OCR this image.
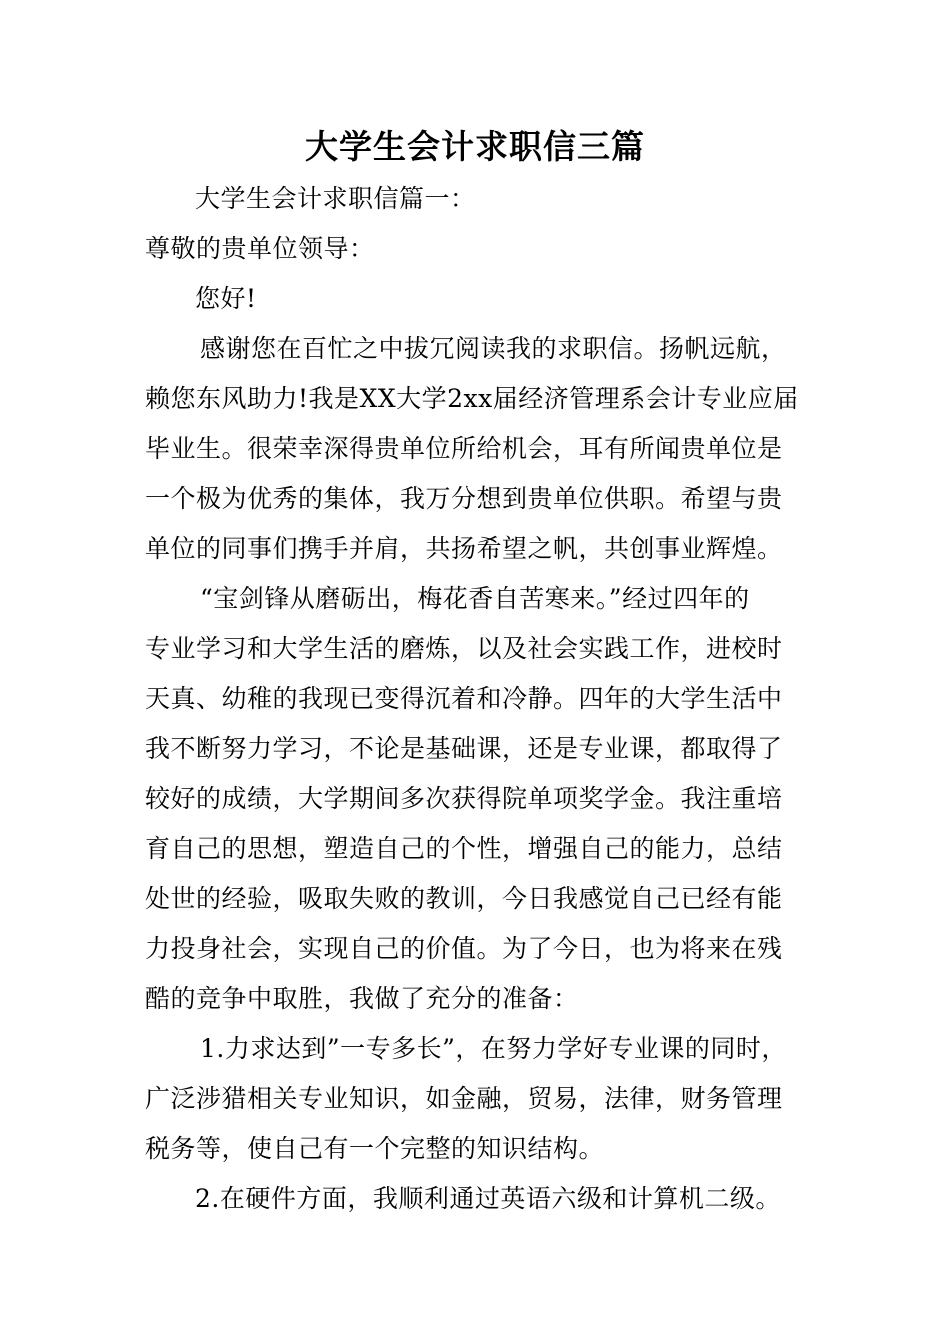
大学生会计求职信三篇
大学生会计求职信篇一：
尊敬的贵单位领导：
您好!
感谢您在百忙之中拔冗阅读我的求职信。扬帆远航，
赖您东风助力!我是XX大学2xx届经济管理系会计专业应届
毕业生。很荣幸深得贵单位所给机会，耳有所闻贵单位是
一个极为优秀的集体，我万分想到贵单位供职。希望与贵
单位的同事们携手并肩，共扬希望之帆，共创事业辉煌。
“宝剑锋从磨砺出，梅花香自苦寒来。”经过四年的
专业学习和大学生活的磨炼，以及社会实践工作，进校时
天真、幼稚的我现已变得沉着和冷静。四年的大学生活中
我不断努力学习，不论是基础课，还是专业课，都取得了
较好的成绩，大学期间多次获得院单项奖学金。我注重培
育自己的思想，塑造自己的个性，增强自己的能力，总结
处世的经验，吸取失败的教训，今日我感觉自己已经有能
力投身社会，实现自己的价值。为了今日，也为将来在残
酷的竞争中取胜，我做了充分的准备：
1.力求达到”一专多长”，在努力学好专业课的同时，
广泛涉猎相关专业知识，如金融，贸易，法律，财务管理
税务等，使自己有一个完整的知识结构。
2.在硬件方面，我顺利通过英语六级和计算机二级。
